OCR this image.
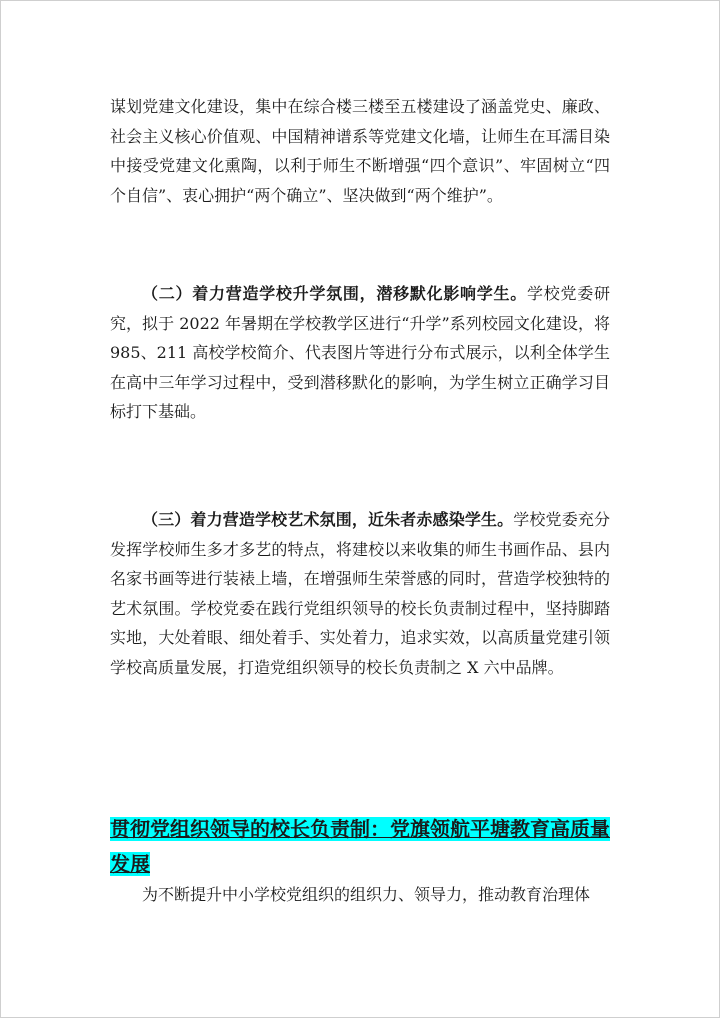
谋划党建文化建设，集中在综合楼三楼至五楼建设了涵盖党史、廉政、社会主义核心价值观、中国精神谱系等党建文化墙，让师生在耳濡目染中接受党建文化熏陶，以利于师生不断增强“四个意识”、牢固树立“四个自信”、衷心拥护“两个确立”、坚决做到“两个维护”。

（二）着力营造学校升学氛围，潜移默化影响学生。学校党委研究，拟于 2022 年暑期在学校教学区进行“升学”系列校园文化建设，将 985、211 高校学校简介、代表图片等进行分布式展示，以利全体学生在高中三年学习过程中，受到潜移默化的影响，为学生树立正确学习目标打下基础。

（三）着力营造学校艺术氛围，近朱者赤感染学生。学校党委充分发挥学校师生多才多艺的特点，将建校以来收集的师生书画作品、县内名家书画等进行装裱上墙，在增强师生荣誉感的同时，营造学校独特的艺术氛围。学校党委在践行党组织领导的校长负责制过程中，坚持脚踏实地，大处着眼、细处着手、实处着力，追求实效，以高质量党建引领学校高质量发展，打造党组织领导的校长负责制之 X 六中品牌。

贯彻党组织领导的校长负责制：党旗领航平塘教育高质量发展

为不断提升中小学校党组织的组织力、领导力，推动教育治理体
